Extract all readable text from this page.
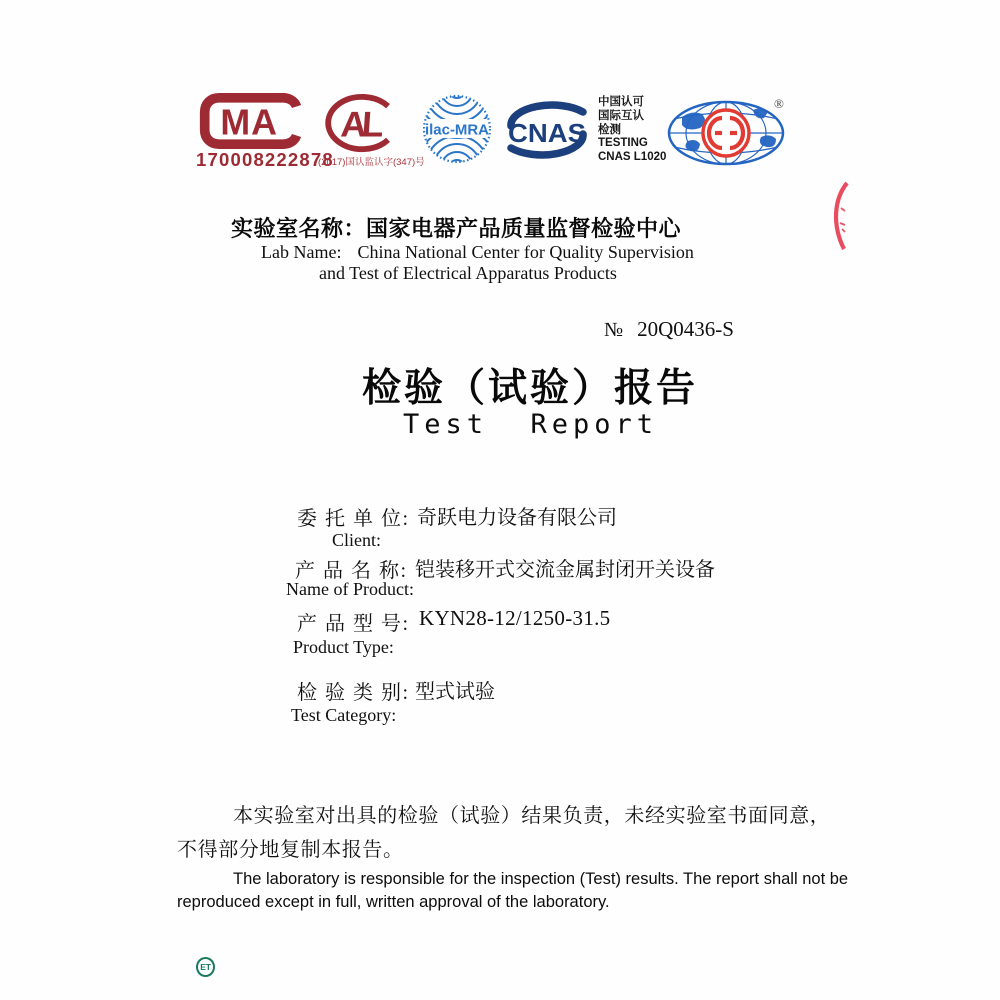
MA
170008222878
AL
(2017)国认监认字(347)号
ilac-MRA CNAS
中国认可
国际互认
检测
TESTING
CNAS L1020
®
实验室名称：国家电器产品质量监督检验中心
Lab Name: China National Center for Quality Supervision
and Test of Electrical Apparatus Products
№ 20Q0436-S
检验（试验）报告
Test  Report
委 托 单 位: 奇跃电力设备有限公司
Client:
产 品 名 称: 铠装移开式交流金属封闭开关设备
Name of Product:
产 品 型 号: KYN28-12/1250-31.5
Product Type:
检 验 类 别: 型式试验
Test Category:
本实验室对出具的检验（试验）结果负责，未经实验室书面同意，
不得部分地复制本报告。
The laboratory is responsible for the inspection (Test) results. The report shall not be reproduced except in full, written approval of the laboratory.
ET
